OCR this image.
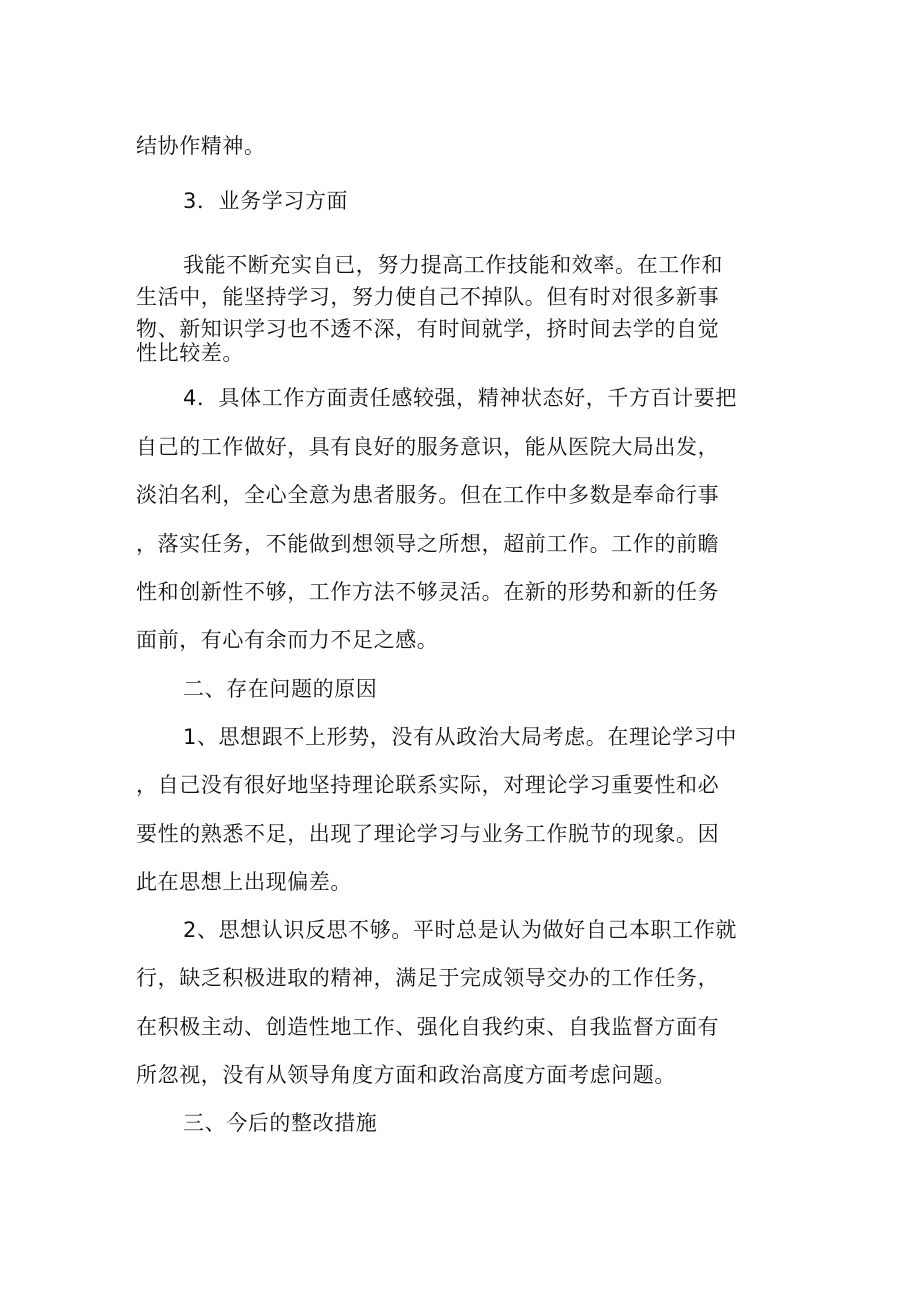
结协作精神。
3．业务学习方面
我能不断充实自已，努力提高工作技能和效率。在工作和
生活中，能坚持学习，努力使自己不掉队。但有时对很多新事
物、新知识学习也不透不深，有时间就学，挤时间去学的自觉
性比较差。
4．具体工作方面责任感较强，精神状态好，千方百计要把
自己的工作做好，具有良好的服务意识，能从医院大局出发，
淡泊名利，全心全意为患者服务。但在工作中多数是奉命行事
，落实任务，不能做到想领导之所想，超前工作。工作的前瞻
性和创新性不够，工作方法不够灵活。在新的形势和新的任务
面前，有心有余而力不足之感。
二、存在问题的原因
1、思想跟不上形势，没有从政治大局考虑。在理论学习中
，自己没有很好地坚持理论联系实际，对理论学习重要性和必
要性的熟悉不足，出现了理论学习与业务工作脱节的现象。因
此在思想上出现偏差。
2、思想认识反思不够。平时总是认为做好自己本职工作就
行，缺乏积极进取的精神，满足于完成领导交办的工作任务，
在积极主动、创造性地工作、强化自我约束、自我监督方面有
所忽视，没有从领导角度方面和政治高度方面考虑问题。
三、今后的整改措施
